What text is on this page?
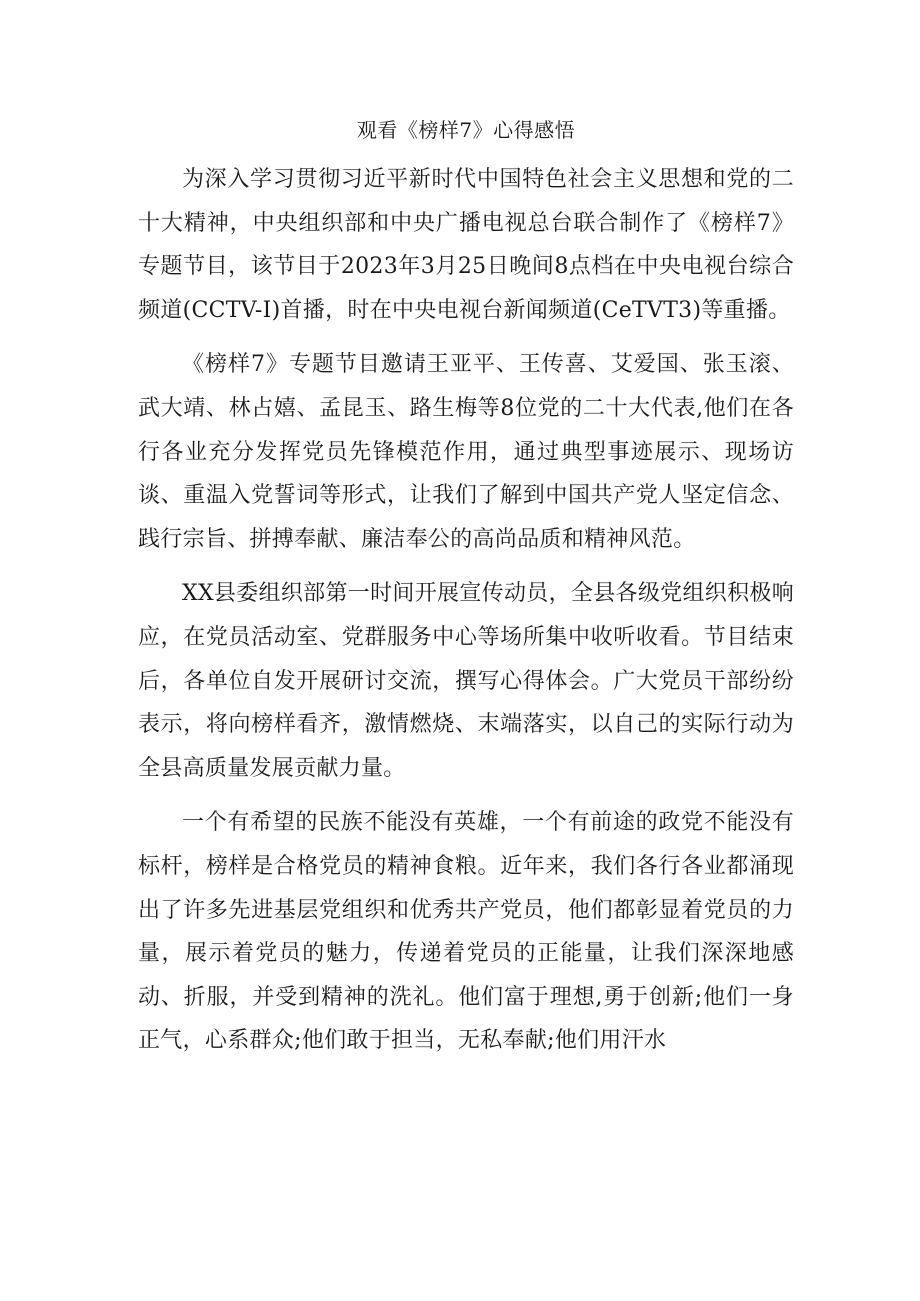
观看《榜样7》心得感悟

为深入学习贯彻习近平新时代中国特色社会主义思想和党的二十大精神，中央组织部和中央广播电视总台联合制作了《榜样7》专题节目，该节目于2023年3月25日晚间8点档在中央电视台综合频道(CCTV-I)首播，时在中央电视台新闻频道(CeTVT3)等重播。

《榜样7》专题节目邀请王亚平、王传喜、艾爱国、张玉滚、武大靖、林占嬉、孟昆玉、路生梅等8位党的二十大代表,他们在各行各业充分发挥党员先锋模范作用，通过典型事迹展示、现场访谈、重温入党誓词等形式，让我们了解到中国共产党人坚定信念、践行宗旨、拼搏奉献、廉洁奉公的高尚品质和精神风范。

XX县委组织部第一时间开展宣传动员，全县各级党组织积极响应，在党员活动室、党群服务中心等场所集中收听收看。节目结束后，各单位自发开展研讨交流，撰写心得体会。广大党员干部纷纷表示，将向榜样看齐，激情燃烧、末端落实，以自己的实际行动为全县高质量发展贡献力量。

一个有希望的民族不能没有英雄，一个有前途的政党不能没有标杆，榜样是合格党员的精神食粮。近年来，我们各行各业都涌现出了许多先进基层党组织和优秀共产党员，他们都彰显着党员的力量，展示着党员的魅力，传递着党员的正能量，让我们深深地感动、折服，并受到精神的洗礼。他们富于理想,勇于创新;他们一身正气，心系群众;他们敢于担当，无私奉献;他们用汗水
